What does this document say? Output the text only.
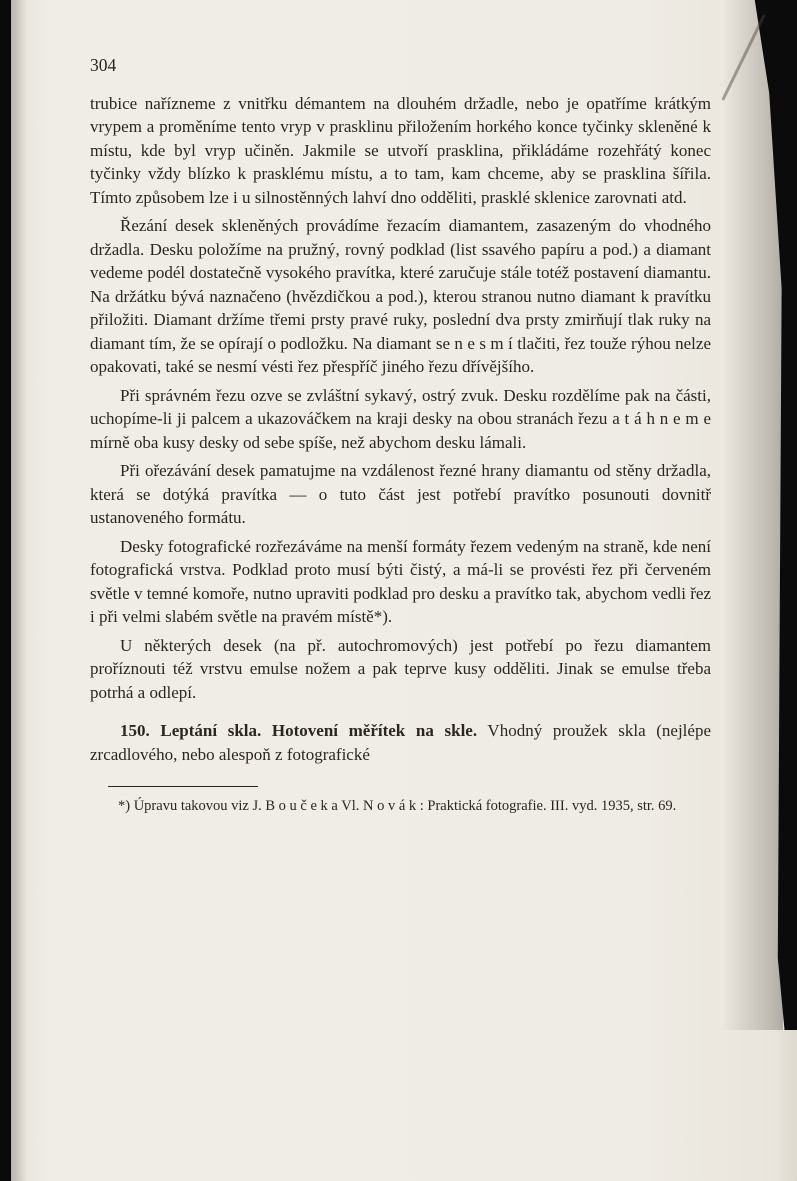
304

trubice nařízneme z vnitřku démantem na dlouhém držadle, nebo je opatříme krátkým vrypem a proměníme tento vryp v prasklinu přiložením horkého konce tyčinky skleněné k místu, kde byl vryp učiněn. Jakmile se utvoří prasklina, přikládáme rozehřátý konec tyčinky vždy blízko k prasklému místu, a to tam, kam chceme, aby se prasklina šířila. Tímto způsobem lze i u silnostěnných lahví dno odděliti, prasklé sklenice zarovnati atd.

Řezání desek skleněných provádíme řezacím diamantem, zasazeným do vhodného držadla. Desku položíme na pružný, rovný podklad (list ssavého papíru a pod.) a diamant vedeme podél dostatečně vysokého pravítka, které zaručuje stále totéž postavení diamantu. Na držátku bývá naznačeno (hvězdičkou a pod.), kterou stranou nutno diamant k pravítku přiložiti. Diamant držíme třemi prsty pravé ruky, poslední dva prsty zmirňují tlak ruky na diamant tím, že se opírají o podložku. Na diamant se n e s m í tlačiti, řez touže rýhou nelze opakovati, také se nesmí vésti řez přespříč jiného řezu dřívějšího.

Při správném řezu ozve se zvláštní sykavý, ostrý zvuk. Desku rozdělíme pak na části, uchopíme-li ji palcem a ukazováčkem na kraji desky na obou stranách řezu a t á h n e m e mírně oba kusy desky od sebe spíše, než abychom desku lámali.

Při ořezávání desek pamatujme na vzdálenost řezné hrany diamantu od stěny držadla, která se dotýká pravítka — o tuto část jest potřebí pravítko posunouti dovnitř ustanoveného formátu.

Desky fotografické rozřezáváme na menší formáty řezem vedeným na straně, kde není fotografická vrstva. Podklad proto musí býti čistý, a má-li se provésti řez při červeném světle v temné komoře, nutno upraviti podklad pro desku a pravítko tak, abychom vedli řez i při velmi slabém světle na pravém místě*).

U některých desek (na př. autochromových) jest potřebí po řezu diamantem proříznouti též vrstvu emulse nožem a pak teprve kusy odděliti. Jinak se emulse třeba potrhá a odlepí.

150. Leptání skla. Hotovení měřítek na skle. Vhodný proužek skla (nejlépe zrcadlového, nebo alespoň z fotografické

*) Úpravu takovou viz J. B o u č e k a Vl. N o v á k : Praktická fotografie. III. vyd. 1935, str. 69.
